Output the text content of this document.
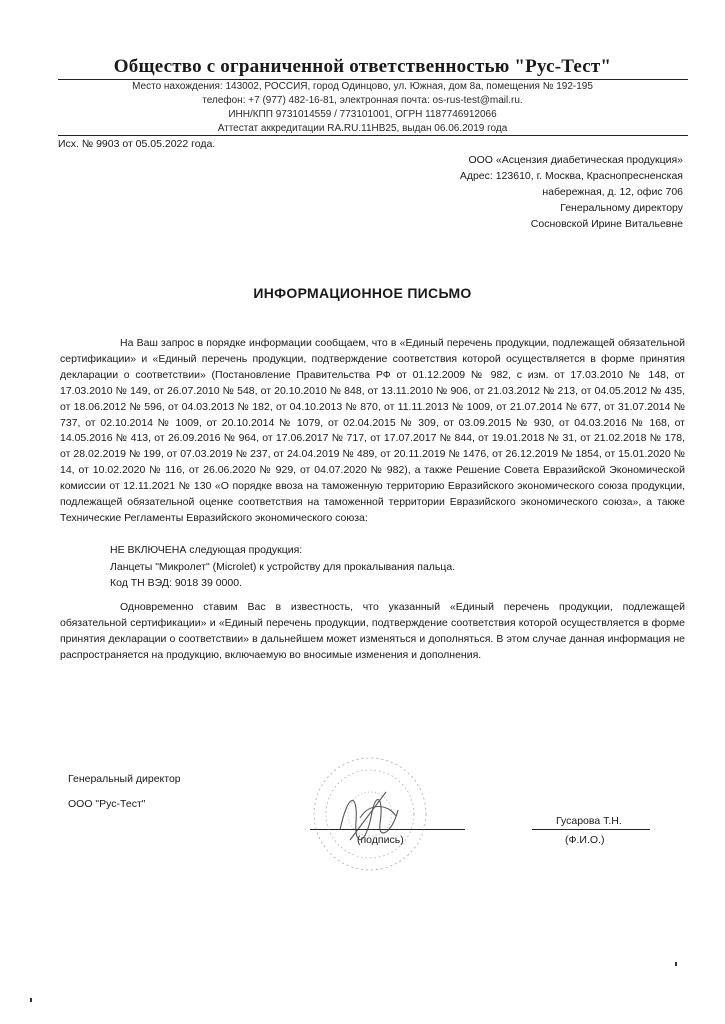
Общество с ограниченной ответственностью "Рус-Тест"
Место нахождения: 143002, РОССИЯ, город Одинцово, ул. Южная, дом 8а, помещения № 192-195
телефон: +7 (977) 482-16-81, электронная почта: os-rus-test@mail.ru.
ИНН/КПП 9731014559 / 773101001, ОГРН 1187746912066
Аттестат аккредитации RA.RU.11HB25, выдан 06.06.2019 года
Исх. № 9903 от 05.05.2022 года.
ООО «Асцензия диабетическая продукция»
Адрес: 123610, г. Москва, Краснопресненская
набережная, д. 12, офис 706
Генеральному директору
Сосновской Ирине Витальевне
ИНФОРМАЦИОННОЕ ПИСЬМО
На Ваш запрос в порядке информации сообщаем, что в «Единый перечень продукции, подлежащей обязательной сертификации» и «Единый перечень продукции, подтверждение соответствия которой осуществляется в форме принятия декларации о соответствии» (Постановление Правительства РФ от 01.12.2009 № 982, с изм. от 17.03.2010 № 148, от 17.03.2010 № 149, от 26.07.2010 № 548, от 20.10.2010 № 848, от 13.11.2010 № 906, от 21.03.2012 № 213, от 04.05.2012 № 435, от 18.06.2012 № 596, от 04.03.2013 № 182, от 04.10.2013 № 870, от 11.11.2013 № 1009, от 21.07.2014 № 677, от 31.07.2014 № 737, от 02.10.2014 № 1009, от 20.10.2014 № 1079, от 02.04.2015 № 309, от 03.09.2015 № 930, от 04.03.2016 № 168, от 14.05.2016 № 413, от 26.09.2016 № 964, от 17.06.2017 № 717, от 17.07.2017 № 844, от 19.01.2018 № 31, от 21.02.2018 № 178, от 28.02.2019 № 199, от 07.03.2019 № 237, от 24.04.2019 № 489, от 20.11.2019 № 1476, от 26.12.2019 № 1854, от 15.01.2020 № 14, от 10.02.2020 № 116, от 26.06.2020 № 929, от 04.07.2020 № 982), а также Решение Совета Евразийской Экономической комиссии от 12.11.2021 № 130 «О порядке ввоза на таможенную территорию Евразийского экономического союза продукции, подлежащей обязательной оценке соответствия на таможенной территории Евразийского экономического союза», а также Технические Регламенты Евразийского экономического союза:
НЕ ВКЛЮЧЕНА следующая продукция:
Ланцеты "Микролет" (Microlet) к устройству для прокалывания пальца.
Код ТН ВЭД: 9018 39 0000.
Одновременно ставим Вас в известность, что указанный «Единый перечень продукции, подлежащей обязательной сертификации» и «Единый перечень продукции, подтверждение соответствия которой осуществляется в форме принятия декларации о соответствии» в дальнейшем может изменяться и дополняться. В этом случае данная информация не распространяется на продукцию, включаемую во вносимые изменения и дополнения.
Генеральный директор
ООО "Рус-Тест"
(подпись)
Гусарова Т.Н.
(Ф.И.О.)
